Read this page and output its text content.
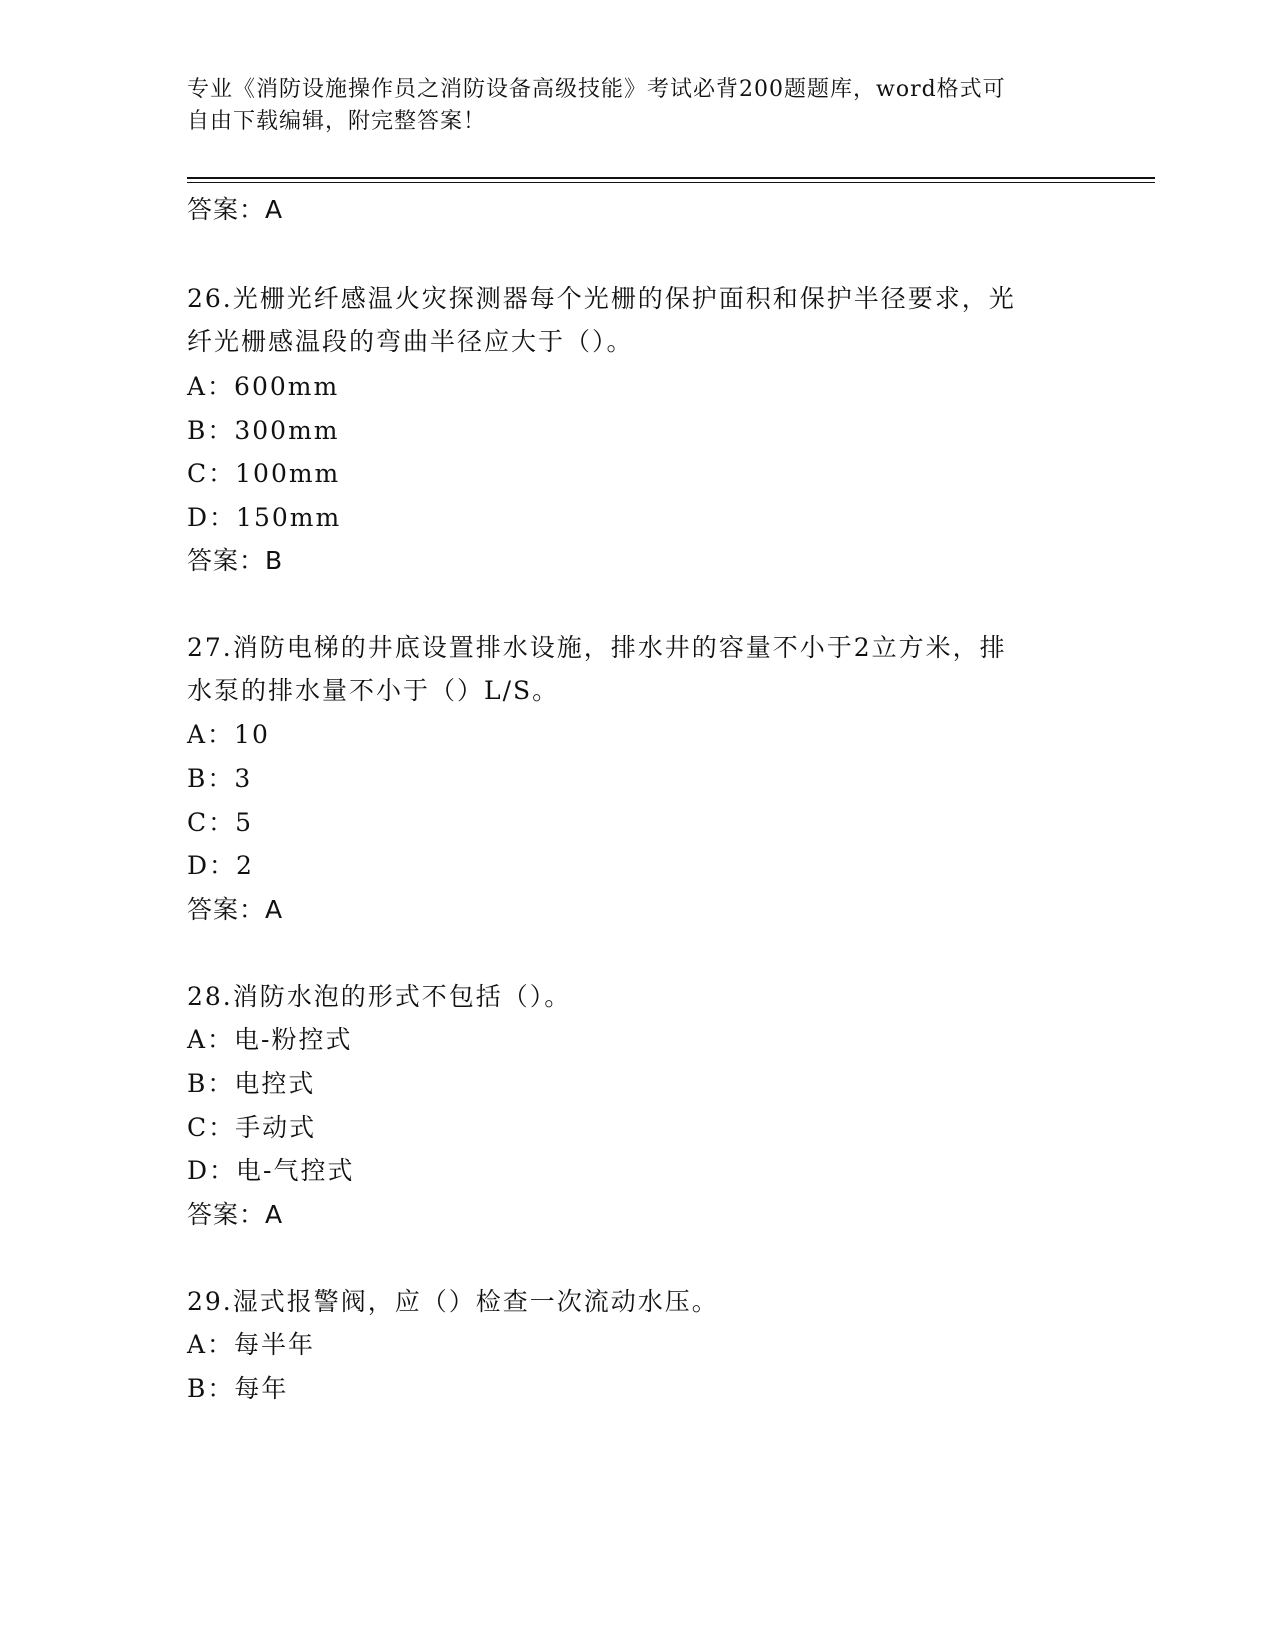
专业《消防设施操作员之消防设备高级技能》考试必背200题题库，word格式可
自由下载编辑，附完整答案！
答案：A
26.光栅光纤感温火灾探测器每个光栅的保护面积和保护半径要求，光
纤光栅感温段的弯曲半径应大于（）。
A：600mm
B：300mm
C：100mm
D：150mm
答案：B
27.消防电梯的井底设置排水设施，排水井的容量不小于2立方米，排
水泵的排水量不小于（）L/S。
A：10
B：3
C：5
D：2
答案：A
28.消防水泡的形式不包括（）。
A：电-粉控式
B：电控式
C：手动式
D：电-气控式
答案：A
29.湿式报警阀，应（）检查一次流动水压。
A：每半年
B：每年
